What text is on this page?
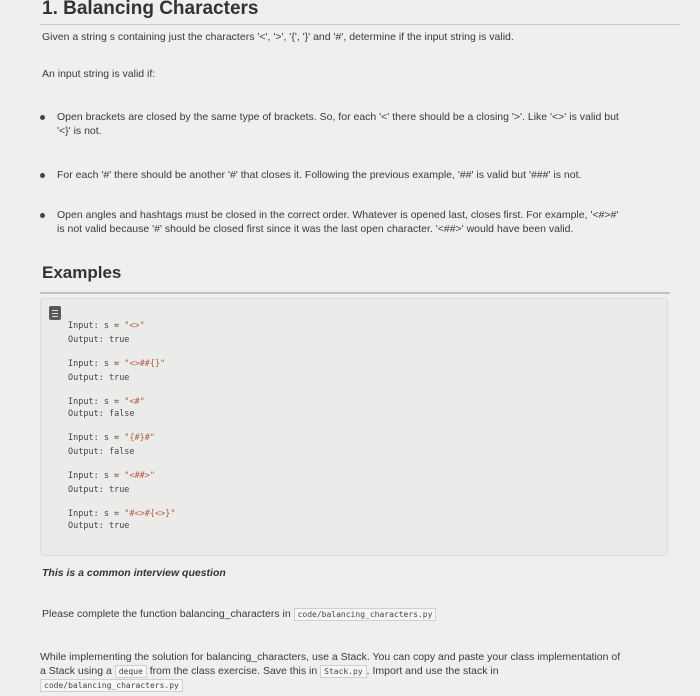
1. Balancing Characters
Given a string s containing just the characters '<', '>', '{', '}' and '#', determine if the input string is valid.
An input string is valid if:
Open brackets are closed by the same type of brackets. So, for each '<' there should be a closing '>'. Like '<>' is valid but
'<}' is not.
For each '#' there should be another '#' that closes it. Following the previous example, '##' is valid but '###' is not.
Open angles and hashtags must be closed in the correct order. Whatever is opened last, closes first. For example, '<#>#'
is not valid because '#' should be closed first since it was the last open character. '<##>' would have been valid.
Examples
Input: s = "<>"
Output: true
Input: s = "<>##{}"
Output: true
Input: s = "<#"
Output: false
Input: s = "{#}#"
Output: false
Input: s = "<##>"
Output: true
Input: s = "#<>#{<>}"
Output: true
This is a common interview question
Please complete the function balancing_characters in code/balancing_characters.py
While implementing the solution for balancing_characters, use a Stack. You can copy and paste your class implementation of
a Stack using a deque from the class exercise. Save this in Stack.py . Import and use the stack in
code/balancing_characters.py
